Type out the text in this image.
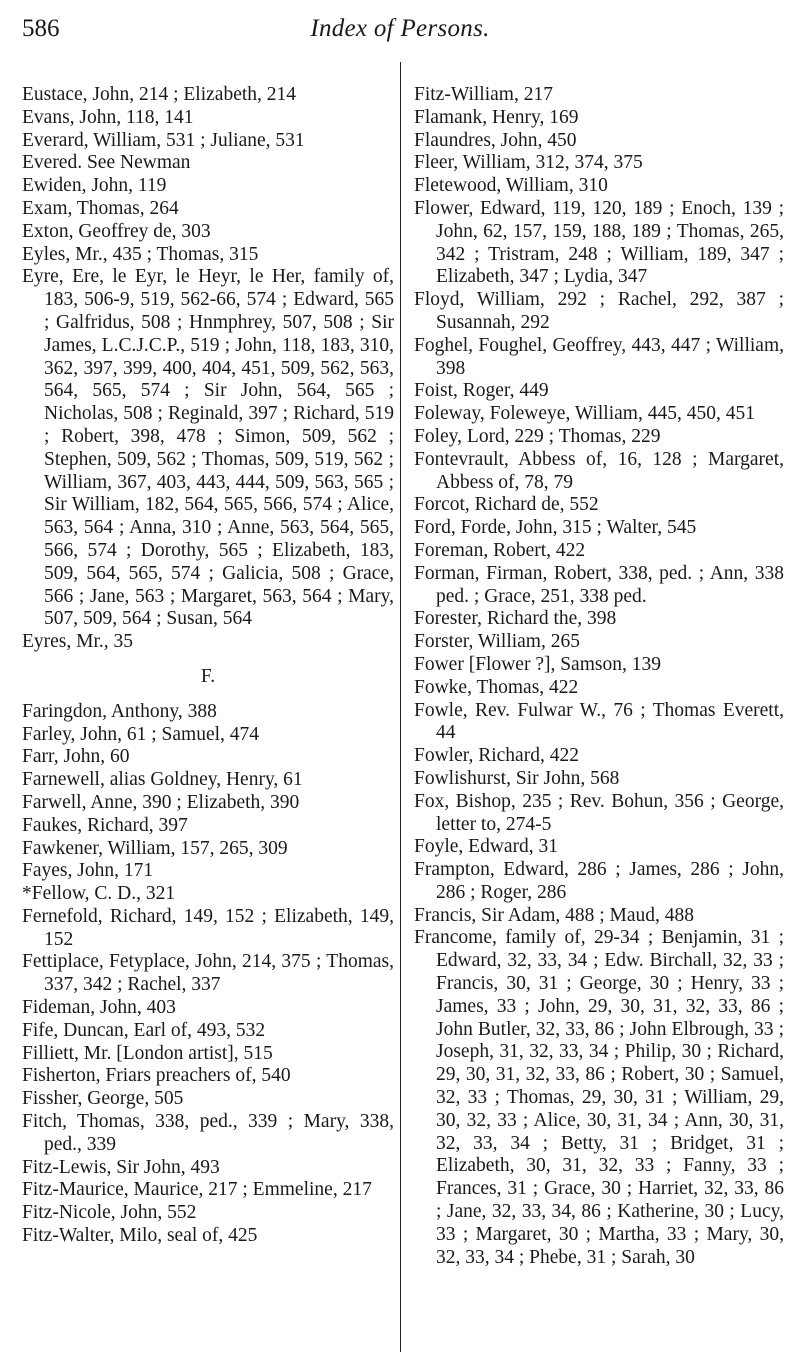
586	Index of Persons.
Eustace, John, 214 ; Elizabeth, 214
Evans, John, 118, 141
Everard, William, 531 ; Juliane, 531
Evered. See Newman
Ewiden, John, 119
Exam, Thomas, 264
Exton, Geoffrey de, 303
Eyles, Mr., 435 ; Thomas, 315
Eyre, Ere, le Eyr, le Heyr, le Her, family of, 183, 506-9, 519, 562-66, 574 ; Edward, 565 ; Galfridus, 508 ; Hnmphrey, 507, 508 ; Sir James, L.C.J.C.P., 519 ; John, 118, 183, 310, 362, 397, 399, 400, 404, 451, 509, 562, 563, 564, 565, 574 ; Sir John, 564, 565 ; Nicholas, 508 ; Reginald, 397 ; Richard, 519 ; Robert, 398, 478 ; Simon, 509, 562 ; Stephen, 509, 562 ; Thomas, 509, 519, 562 ; William, 367, 403, 443, 444, 509, 563, 565 ; Sir William, 182, 564, 565, 566, 574 ; Alice, 563, 564 ; Anna, 310 ; Anne, 563, 564, 565, 566, 574 ; Dorothy, 565 ; Elizabeth, 183, 509, 564, 565, 574 ; Galicia, 508 ; Grace, 566 ; Jane, 563 ; Margaret, 563, 564 ; Mary, 507, 509, 564 ; Susan, 564
Eyres, Mr., 35
F.
Faringdon, Anthony, 388
Farley, John, 61 ; Samuel, 474
Farr, John, 60
Farnewell, alias Goldney, Henry, 61
Farwell, Anne, 390 ; Elizabeth, 390
Faukes, Richard, 397
Fawkener, William, 157, 265, 309
Fayes, John, 171
*Fellow, C. D., 321
Fernefold, Richard, 149, 152 ; Elizabeth, 149, 152
Fettiplace, Fetyplace, John, 214, 375 ; Thomas, 337, 342 ; Rachel, 337
Fideman, John, 403
Fife, Duncan, Earl of, 493, 532
Filliett, Mr. [London artist], 515
Fisherton, Friars preachers of, 540
Fissher, George, 505
Fitch, Thomas, 338, ped., 339 ; Mary, 338, ped., 339
Fitz-Lewis, Sir John, 493
Fitz-Maurice, Maurice, 217 ; Emmeline, 217
Fitz-Nicole, John, 552
Fitz-Walter, Milo, seal of, 425
Fitz-William, 217
Flamank, Henry, 169
Flaundres, John, 450
Fleer, William, 312, 374, 375
Fletewood, William, 310
Flower, Edward, 119, 120, 189 ; Enoch, 139 ; John, 62, 157, 159, 188, 189 ; Thomas, 265, 342 ; Tristram, 248 ; William, 189, 347 ; Elizabeth, 347 ; Lydia, 347
Floyd, William, 292 ; Rachel, 292, 387 ; Susannah, 292
Foghel, Foughel, Geoffrey, 443, 447 ; William, 398
Foist, Roger, 449
Foleway, Foleweye, William, 445, 450, 451
Foley, Lord, 229 ; Thomas, 229
Fontevrault, Abbess of, 16, 128 ; Margaret, Abbess of, 78, 79
Forcot, Richard de, 552
Ford, Forde, John, 315 ; Walter, 545
Foreman, Robert, 422
Forman, Firman, Robert, 338, ped. ; Ann, 338 ped. ; Grace, 251, 338 ped.
Forester, Richard the, 398
Forster, William, 265
Fower [Flower ?], Samson, 139
Fowke, Thomas, 422
Fowle, Rev. Fulwar W., 76 ; Thomas Everett, 44
Fowler, Richard, 422
Fowlishurst, Sir John, 568
Fox, Bishop, 235 ; Rev. Bohun, 356 ; George, letter to, 274-5
Foyle, Edward, 31
Frampton, Edward, 286 ; James, 286 ; John, 286 ; Roger, 286
Francis, Sir Adam, 488 ; Maud, 488
Francome, family of, 29-34 ; Benjamin, 31 ; Edward, 32, 33, 34 ; Edw. Birchall, 32, 33 ; Francis, 30, 31 ; George, 30 ; Henry, 33 ; James, 33 ; John, 29, 30, 31, 32, 33, 86 ; John Butler, 32, 33, 86 ; John Elbrough, 33 ; Joseph, 31, 32, 33, 34 ; Philip, 30 ; Richard, 29, 30, 31, 32, 33, 86 ; Robert, 30 ; Samuel, 32, 33 ; Thomas, 29, 30, 31 ; William, 29, 30, 32, 33 ; Alice, 30, 31, 34 ; Ann, 30, 31, 32, 33, 34 ; Betty, 31 ; Bridget, 31 ; Elizabeth, 30, 31, 32, 33 ; Fanny, 33 ; Frances, 31 ; Grace, 30 ; Harriet, 32, 33, 86 ; Jane, 32, 33, 34, 86 ; Katherine, 30 ; Lucy, 33 ; Margaret, 30 ; Martha, 33 ; Mary, 30, 32, 33, 34 ; Phebe, 31 ; Sarah, 30
